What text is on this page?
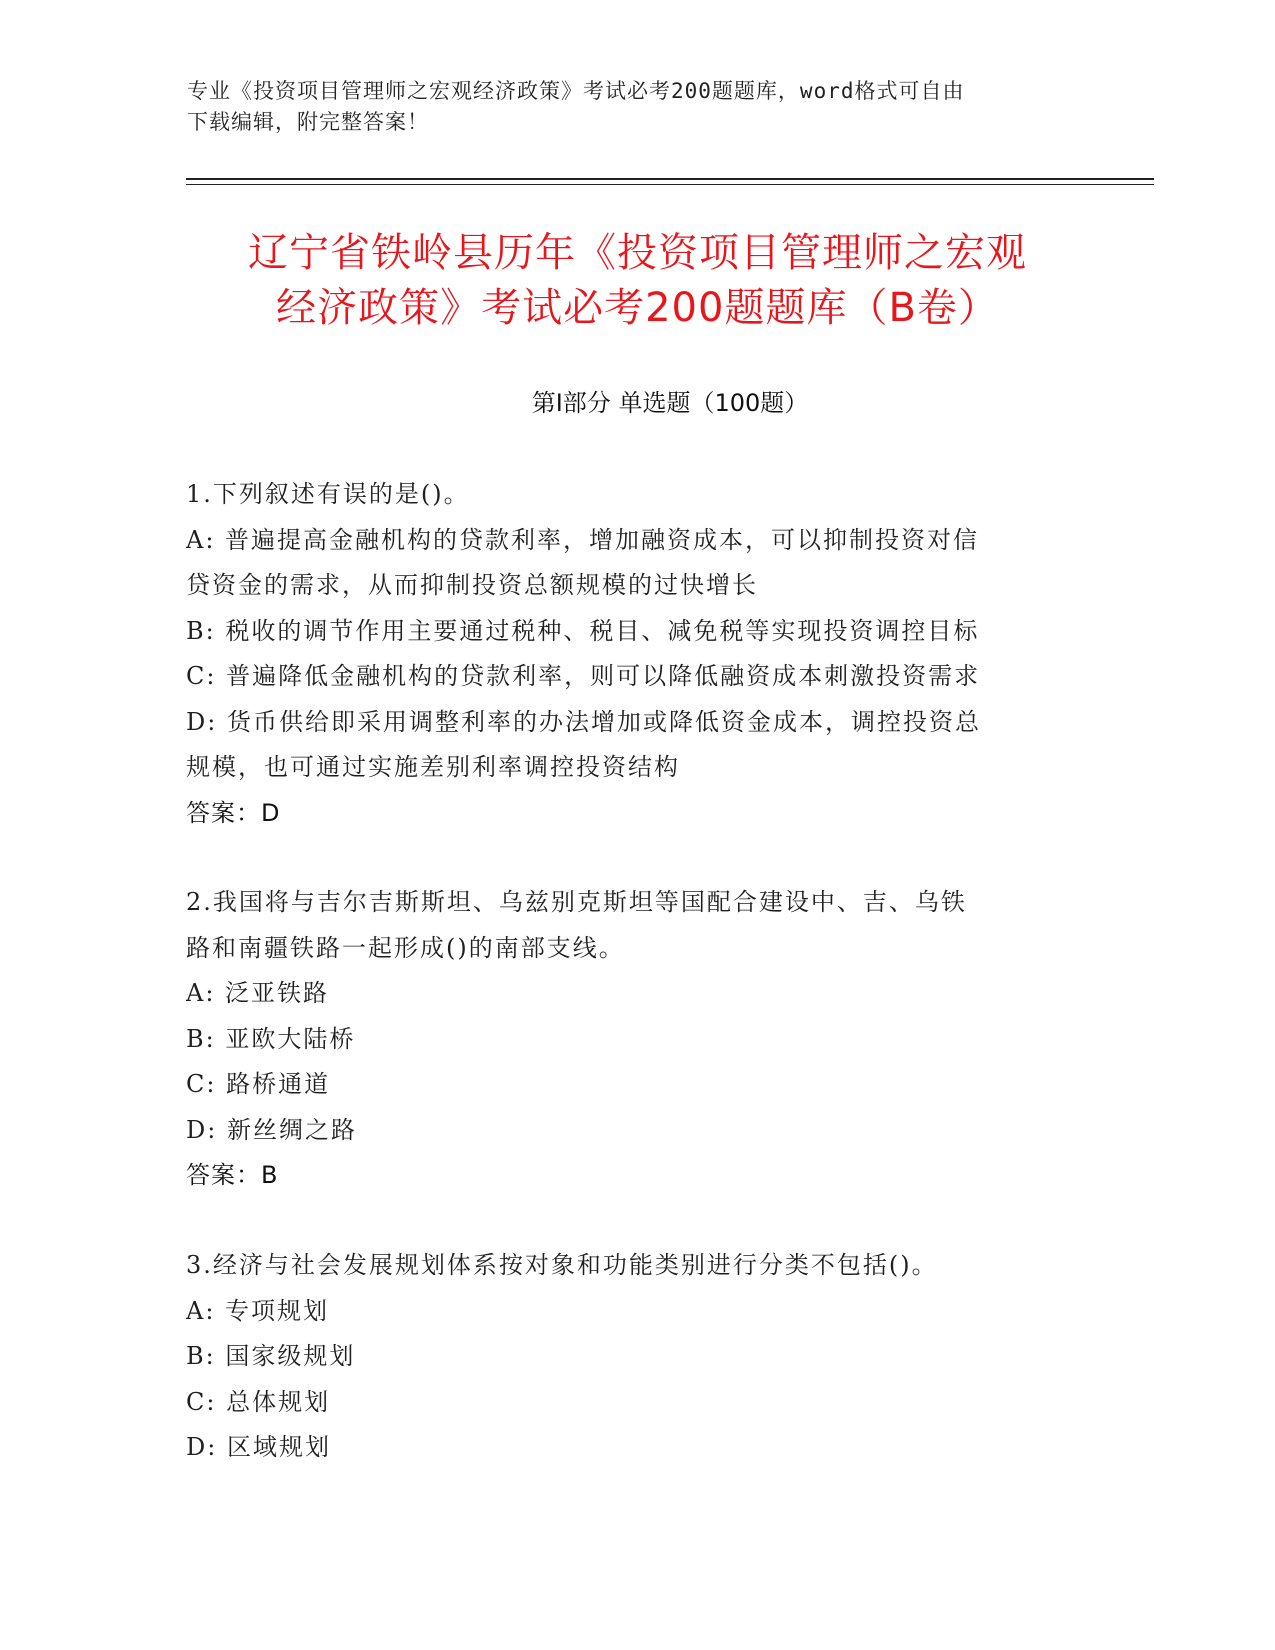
专业《投资项目管理师之宏观经济政策》考试必考200题题库，word格式可自由
下载编辑，附完整答案！
辽宁省铁岭县历年《投资项目管理师之宏观
经济政策》考试必考200题题库（B卷）
第Ⅰ部分 单选题（100题）
1.下列叙述有误的是()。
A: 普遍提高金融机构的贷款利率，增加融资成本，可以抑制投资对信
贷资金的需求，从而抑制投资总额规模的过快增长
B: 税收的调节作用主要通过税种、税目、减免税等实现投资调控目标
C: 普遍降低金融机构的贷款利率，则可以降低融资成本刺激投资需求
D: 货币供给即采用调整利率的办法增加或降低资金成本，调控投资总
规模，也可通过实施差别利率调控投资结构
答案：D
2.我国将与吉尔吉斯斯坦、乌兹别克斯坦等国配合建设中、吉、乌铁
路和南疆铁路一起形成()的南部支线。
A: 泛亚铁路
B: 亚欧大陆桥
C: 路桥通道
D: 新丝绸之路
答案：B
3.经济与社会发展规划体系按对象和功能类别进行分类不包括()。
A: 专项规划
B: 国家级规划
C: 总体规划
D: 区域规划
